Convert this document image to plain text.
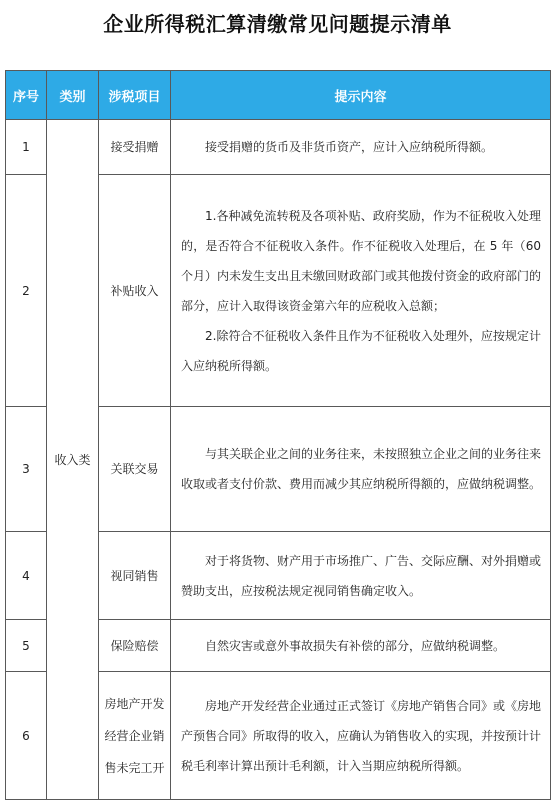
企业所得税汇算清缴常见问题提示清单
序号	类别	涉税项目	提示内容
1	收入类	接受捐赠	接受捐赠的货币及非货币资产，应计入应纳税所得额。

2		补贴收入	1.各种减免流转税及各项补贴、政府奖励，作为不征税收入处理的，是否符合不征税收入条件。作不征税收入处理后，在 5 年（60 个月）内未发生支出且未缴回财政部门或其他拨付资金的政府部门的部分，应计入取得该资金第六年的应税收入总额；

2.除符合不征税收入条件且作为不征税收入处理外，应按规定计入应纳税所得额。

3		关联交易	与其关联企业之间的业务往来，未按照独立企业之间的业务往来收取或者支付价款、费用而减少其应纳税所得额的，应做纳税调整。

4		视同销售	对于将货物、财产用于市场推广、广告、交际应酬、对外捐赠或赞助支出，应按税法规定视同销售确定收入。

5		保险赔偿	自然灾害或意外事故损失有补偿的部分，应做纳税调整。

6		房地产开发经营企业销售未完工开	房地产开发经营企业通过正式签订《房地产销售合同》或《房地产预售合同》所取得的收入，应确认为销售收入的实现，并按预计计税毛利率计算出预计毛利额，计入当期应纳税所得额。
